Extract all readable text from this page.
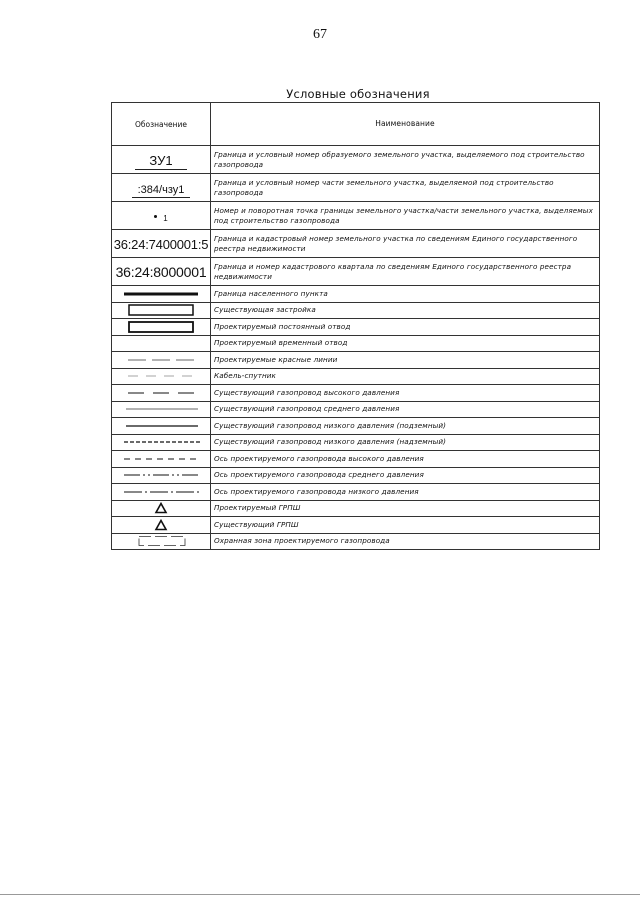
67
Условные обозначения
Обозначение	Наименование
ЗУ1	Граница и условный номер образуемого земельного участка, выделяемого под строительство газопровода
:384/чзу1	Граница и условный номер части земельного участка, выделяемой под строительство газопровода
1	Номер и поворотная точка границы земельного участка/части земельного участка, выделяемых под строительство газопровода
36:24:7400001:5	Граница и кадастровый номер земельного участка по сведениям Единого государственного реестра недвижимости
36:24:8000001	Граница и номер кадастрового квартала по сведениям Единого государственного реестра недвижимости

	Граница населенного пункта

	Существующая застройка

	Проектируемый постоянный отвод
	Проектируемый временный отвод

	Проектируемые красные линии

	Кабель-спутник

	Существующий газопровод высокого давления

	Существующий газопровод среднего давления

	Существующий газопровод низкого давления (подземный)

	Существующий газопровод низкого давления (надземный)

	Ось проектируемого газопровода высокого давления

	Ось проектируемого газопровода среднего давления

	Ось проектируемого газопровода низкого давления

	Проектируемый ГРПШ

	Существующий ГРПШ

	Охранная зона проектируемого газопровода
